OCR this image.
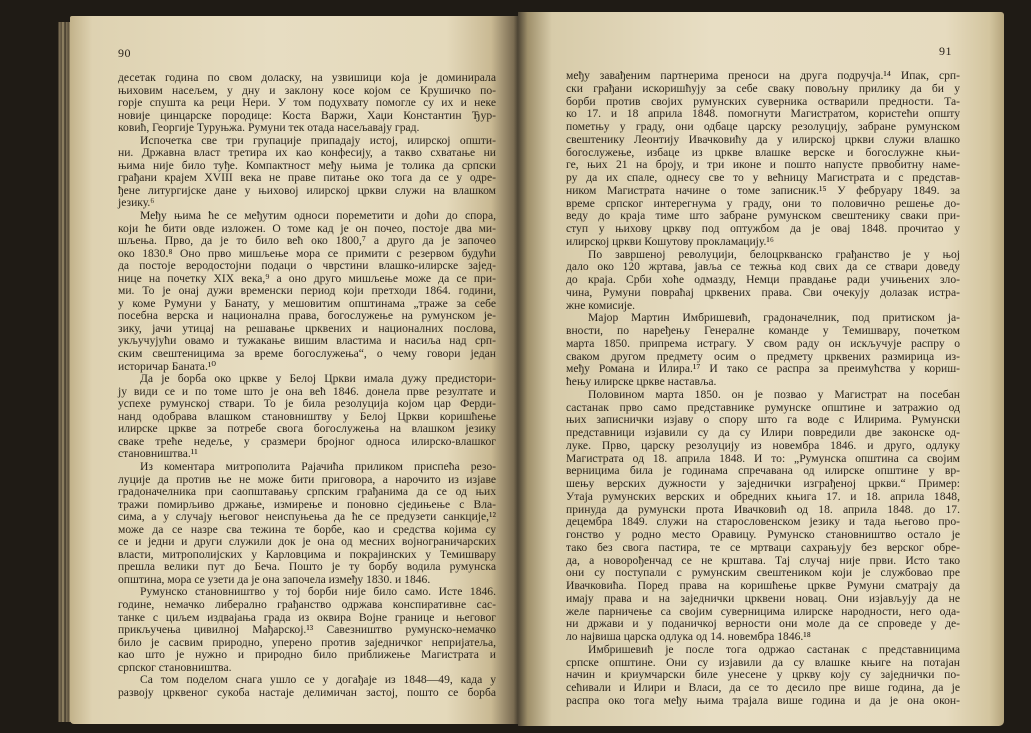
90	91
десетак година по свом доласку, на узвишици која је доминирала
њиховим насељем, у дну и заклону косе којом се Крушичко по-
горје спушта ка реци Нери. У том подухвату помогле су их и неке
новије цинцарске породице: Коста Варжи, Хаџи Константин Ђур-
ковић, Георгије Туруњжа. Румуни тек отада насељавају град.
Испочетка све три групације припадају истој, илирској општи-
ни. Државна власт третира их као конфесију, а такво схватање ни
њима није било туђе. Компактност међу њима је толика да српски
грађани крајем XVIII века не праве питање око тога да се у одре-
ђене литургијске дане у њиховој илирској цркви служи на влашком
језику.⁶
Међу њима ће се међутим односи пореметити и доћи до спора,
који ће бити овде изложен. О томе кад је он почео, постоје два ми-
шљења. Прво, да је то било већ око 1800,⁷ а друго да је започео
око 1830.⁸ Оно прво мишљење мора се примити с резервом будући
да постоје веродостојни подаци о чврстини влашко-илирске зајед-
нице на почетку XIX века,⁹ а оно друго мишљење може да се при-
ми. То је онај дужи временски период који претходи 1864. години,
у коме Румуни у Банату, у мешовитим општинама „траже за себе
посебна верска и национална права, богослужење на румунском је-
зику, јачи утицај на решавање црквених и националних послова,
укључујући овамо и тужакање вишим властима и насиља над срп-
ским свештеницима за време богослужења“, о чему говори један
историчар Баната.¹⁰
Да је борба око цркве у Белој Цркви имала дужу предистори-
ју види се и по томе што је она већ 1846. донела прве резултате и
успехе румунској ствари. То је била резолуција којом цар Ферди-
нанд одобрава влашком становништву у Белој Цркви коришћење
илирске цркве за потребе свога богослужења на влашком језику
сваке треће недеље, у сразмери бројног односа илирско-влашког
становништва.¹¹
Из коментара митрополита Рајачића приликом приспећа резо-
луције да против ње не може бити приговора, а нарочито из изјаве
градоначелника при саопштавању српским грађанима да се од њих
тражи помирљиво држање, измирење и поновно сједињење с Вла-
сима, а у случају његовог неиспуњења да ће се предузети санкције,¹²
може да се назре сва тежина те борбе, као и средства којима су
се и једни и други служили док је она од месних војнограничарских
власти, митрополијских у Карловцима и покрајинских у Темишвару
прешла велики пут до Беча. Пошто је ту борбу водила румунска
општина, мора се узети да је она започела између 1830. и 1846.
Румунско становништво у тој борби није било само. Исте 1846.
године, немачко либерално грађанство одржава конспиративне сас-
танке с циљем издвајања града из оквира Војне границе и његовог
прикључења цивилној Мађарској.¹³ Савезништво румунско-немачко
било је сасвим природно, уперено против заједничког непријатеља,
као што је нужно и природно било приближење Магистрата и
српског становништва.
Са том поделом снага ушло се у догађаје из 1848—49, када у
развоју црквеног сукоба настаје делимичан застој, пошто се борба
међу завађеним партнерима преноси на друга подручја.¹⁴ Ипак, срп-
ски грађани искоришћују за себе сваку повољну прилику да би у
борби против својих румунских суверника остварили предности. Та-
ко 17. и 18 априла 1848. помогнути Магистратом, користећи општу
пометњу у граду, они одбаце царску резолуцију, забране румунском
свештенику Леонтију Ивачковићу да у илирској цркви служи влашко
богослужење, избаце из цркве влашке верске и богослужне књи-
ге, њих 21 на броју, и три иконе и пошто напусте првобитну наме-
ру да их спале, однесу све то у већницу Магистрата и с представ-
ником Магистрата начине о томе записник.¹⁵ У фебруару 1849. за
време српског интерегнума у граду, они то половично решење до-
веду до краја тиме што забране румунском свештенику сваки при-
ступ у њихову цркву под оптужбом да је овај 1848. прочитао у
илирској цркви Кошутову прокламацију.¹⁶
По завршеној револуцији, белоцркванско грађанство је у њој
дало око 120 жртава, јавља се тежња код свих да се ствари доведу
до краја. Срби хоће одмазду, Немци правдање ради учињених зло-
чина, Румуни повраћај црквених права. Сви очекују долазак истра-
жне комисије.
Мајор Мартин Имбришевић, градоначелник, под притиском ја-
вности, по наређењу Генералне команде у Темишвару, почетком
марта 1850. припрема истрагу. У свом раду он искључује распру о
сваком другом предмету осим о предмету црквених размирица из-
међу Романа и Илира.¹⁷ И тако се распра за преимућства у кориш-
ћењу илирске цркве наставља.
Половином марта 1850. он је позвао у Магистрат на посебан
састанак прво само представнике румунске општине и затражио од
њих записнички изјаву о спору што га воде с Илирима. Румунски
представници изјавили су да су Илири повредили две законске од-
луке. Прво, царску резолуцију из новембра 1846. и друго, одлуку
Магистрата од 18. априла 1848. И то: „Румунска општина са својим
верницима била је годинама спречавана од илирске општине у вр-
шењу верских дужности у заједнички изграђеној цркви.“ Пример:
Утаја румунских верских и обредних књига 17. и 18. априла 1848,
принуда да румунски прота Ивачковић од 18. априла 1848. до 17.
децембра 1849. служи на старословенском језику и тада његово про-
гонство у родно место Оравицу. Румунско становништво остало је
тако без свога пастира, те се мртваци сахрањују без верског обре-
да, а новорођенчад се не крштава. Тај случај није први. Исто тако
они су поступали с румунским свештеником који је службовао пре
Ивачковића. Поред права на коришћење цркве Румуни сматрају да
имају права и на заједнички црквени новац. Они изјављују да не
желе парничење са својим суверницима илирске народности, него ода-
ни држави и у поданичкој верности они моле да се спроведе у де-
ло највиша царска одлука од 14. новембра 1846.¹⁸
Имбришевић је после тога одржао састанак с представницима
српске општине. Они су изјавили да су влашке књиге на потајан
начин и криумчарски биле унесене у цркву коју су заједнички по-
сећивали и Илири и Власи, да се то десило пре више година, да је
распра око тога међу њима трајала више година и да је она окон-
